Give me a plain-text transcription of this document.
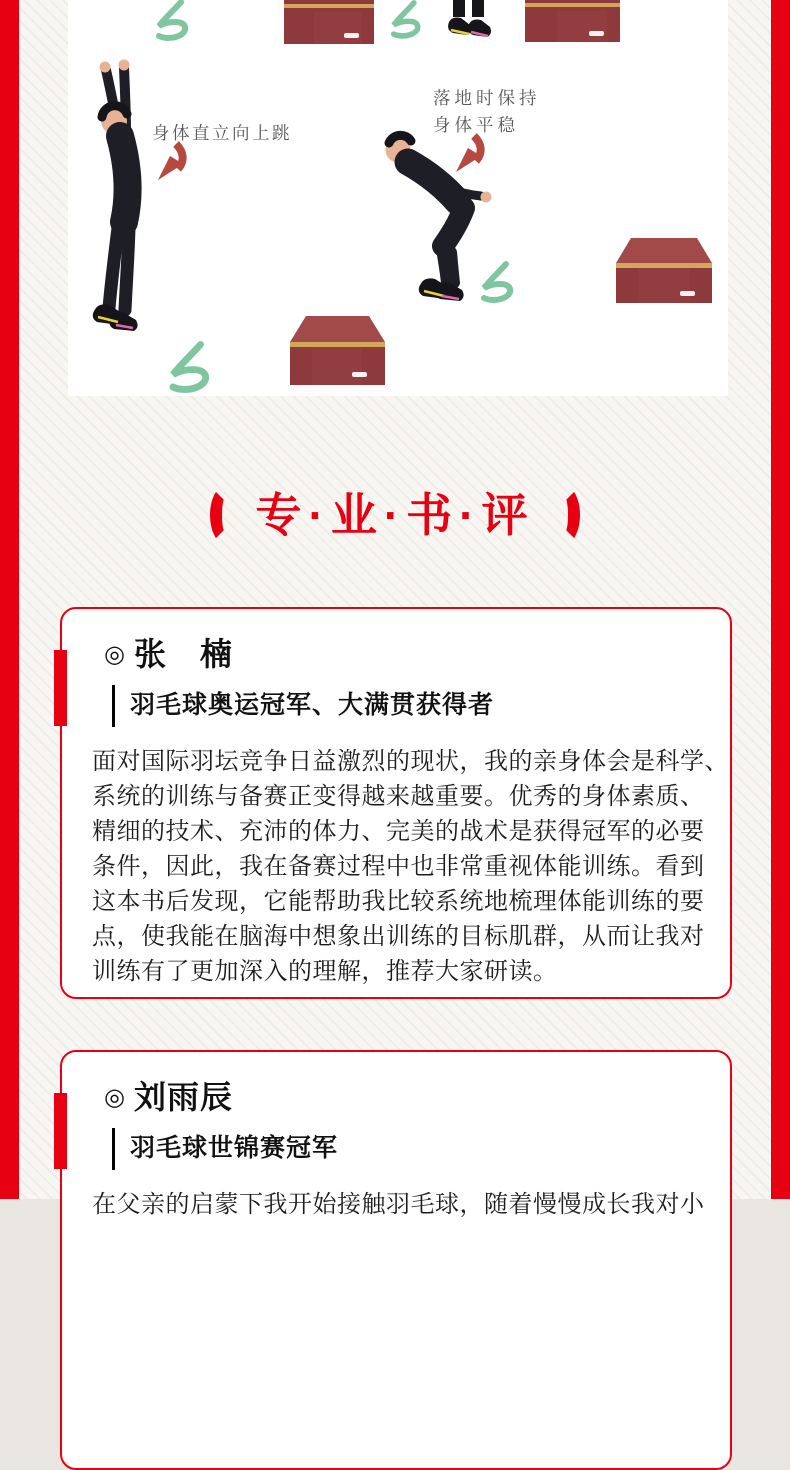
身体直立向上跳
落地时保持
身体平稳
专·业·书·评
◎ 张　楠
羽毛球奥运冠军、大满贯获得者

面对国际羽坛竞争日益激烈的现状，我的亲身体会是科学、

系统的训练与备赛正变得越来越重要。优秀的身体素质、

精细的技术、充沛的体力、完美的战术是获得冠军的必要

条件，因此，我在备赛过程中也非常重视体能训练。看到

这本书后发现，它能帮助我比较系统地梳理体能训练的要

点，使我能在脑海中想象出训练的目标肌群，从而让我对

训练有了更加深入的理解，推荐大家研读。

◎ 刘雨辰
羽毛球世锦赛冠军

在父亲的启蒙下我开始接触羽毛球，随着慢慢成长我对小
